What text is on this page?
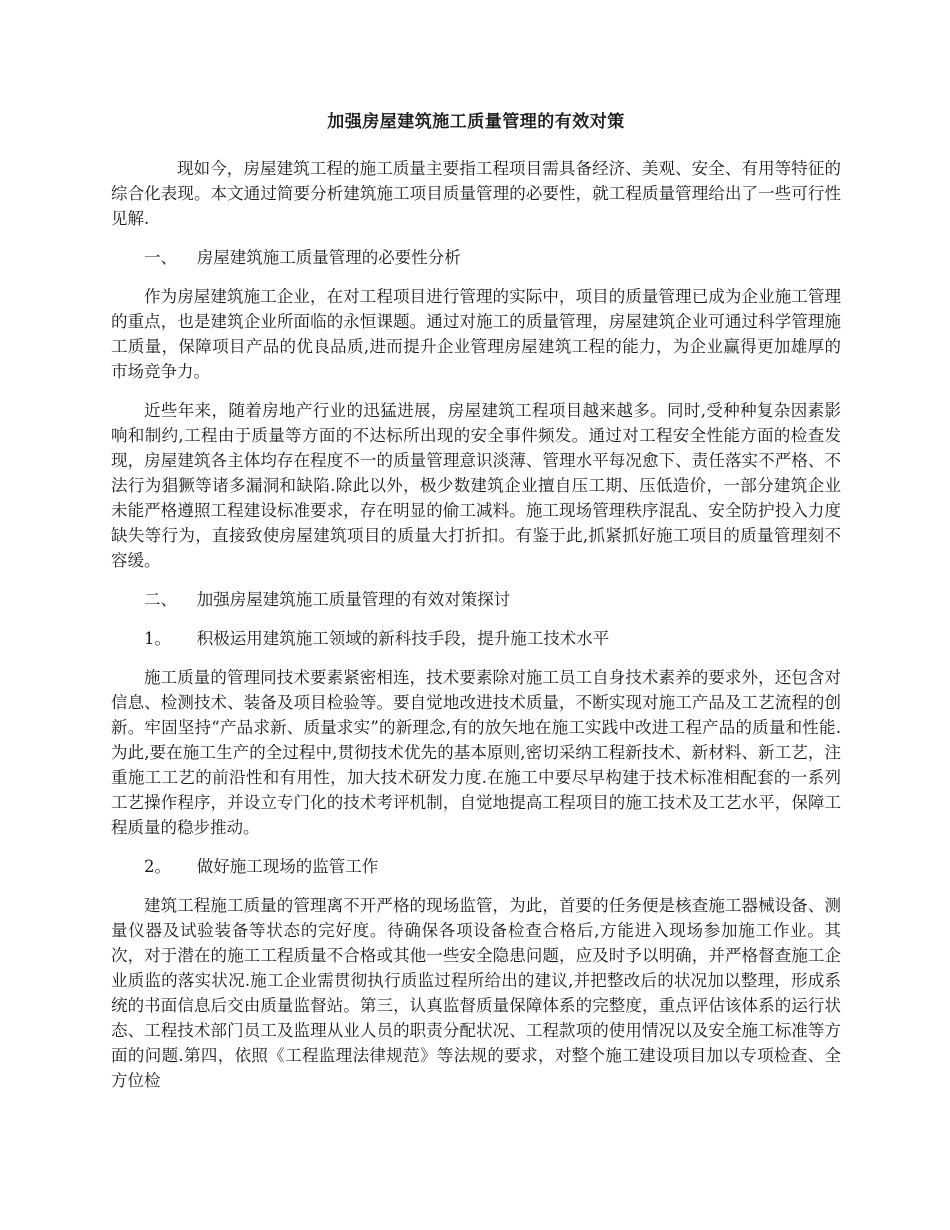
加强房屋建筑施工质量管理的有效对策

现如今，房屋建筑工程的施工质量主要指工程项目需具备经济、美观、安全、有用等特征的综合化表现。本文通过简要分析建筑施工项目质量管理的必要性，就工程质量管理给出了一些可行性见解.

一、 房屋建筑施工质量管理的必要性分析

作为房屋建筑施工企业，在对工程项目进行管理的实际中，项目的质量管理已成为企业施工管理的重点，也是建筑企业所面临的永恒课题。通过对施工的质量管理，房屋建筑企业可通过科学管理施工质量，保障项目产品的优良品质,进而提升企业管理房屋建筑工程的能力，为企业赢得更加雄厚的市场竞争力。

近些年来，随着房地产行业的迅猛进展，房屋建筑工程项目越来越多。同时,受种种复杂因素影响和制约,工程由于质量等方面的不达标所出现的安全事件频发。通过对工程安全性能方面的检查发现，房屋建筑各主体均存在程度不一的质量管理意识淡薄、管理水平每况愈下、责任落实不严格、不法行为猖獗等诸多漏洞和缺陷.除此以外，极少数建筑企业擅自压工期、压低造价，一部分建筑企业未能严格遵照工程建设标准要求，存在明显的偷工减料。施工现场管理秩序混乱、安全防护投入力度缺失等行为，直接致使房屋建筑项目的质量大打折扣。有鉴于此,抓紧抓好施工项目的质量管理刻不容缓。

二、 加强房屋建筑施工质量管理的有效对策探讨

1。 积极运用建筑施工领域的新科技手段，提升施工技术水平

施工质量的管理同技术要素紧密相连，技术要素除对施工员工自身技术素养的要求外，还包含对信息、检测技术、装备及项目检验等。要自觉地改进技术质量，不断实现对施工产品及工艺流程的创新。牢固坚持“产品求新、质量求实”的新理念,有的放矢地在施工实践中改进工程产品的质量和性能.为此,要在施工生产的全过程中,贯彻技术优先的基本原则,密切采纳工程新技术、新材料、新工艺，注重施工工艺的前沿性和有用性，加大技术研发力度.在施工中要尽早构建于技术标准相配套的一系列工艺操作程序，并设立专门化的技术考评机制，自觉地提高工程项目的施工技术及工艺水平，保障工程质量的稳步推动。

2。 做好施工现场的监管工作

建筑工程施工质量的管理离不开严格的现场监管，为此，首要的任务便是核查施工器械设备、测量仪器及试验装备等状态的完好度。待确保各项设备检查合格后,方能进入现场参加施工作业。其次，对于潜在的施工工程质量不合格或其他一些安全隐患问题，应及时予以明确，并严格督查施工企业质监的落实状况.施工企业需贯彻执行质监过程所给出的建议,并把整改后的状况加以整理，形成系统的书面信息后交由质量监督站。第三，认真监督质量保障体系的完整度，重点评估该体系的运行状态、工程技术部门员工及监理从业人员的职责分配状况、工程款项的使用情况以及安全施工标准等方面的问题.第四，依照《工程监理法律规范》等法规的要求，对整个施工建设项目加以专项检查、全方位检
